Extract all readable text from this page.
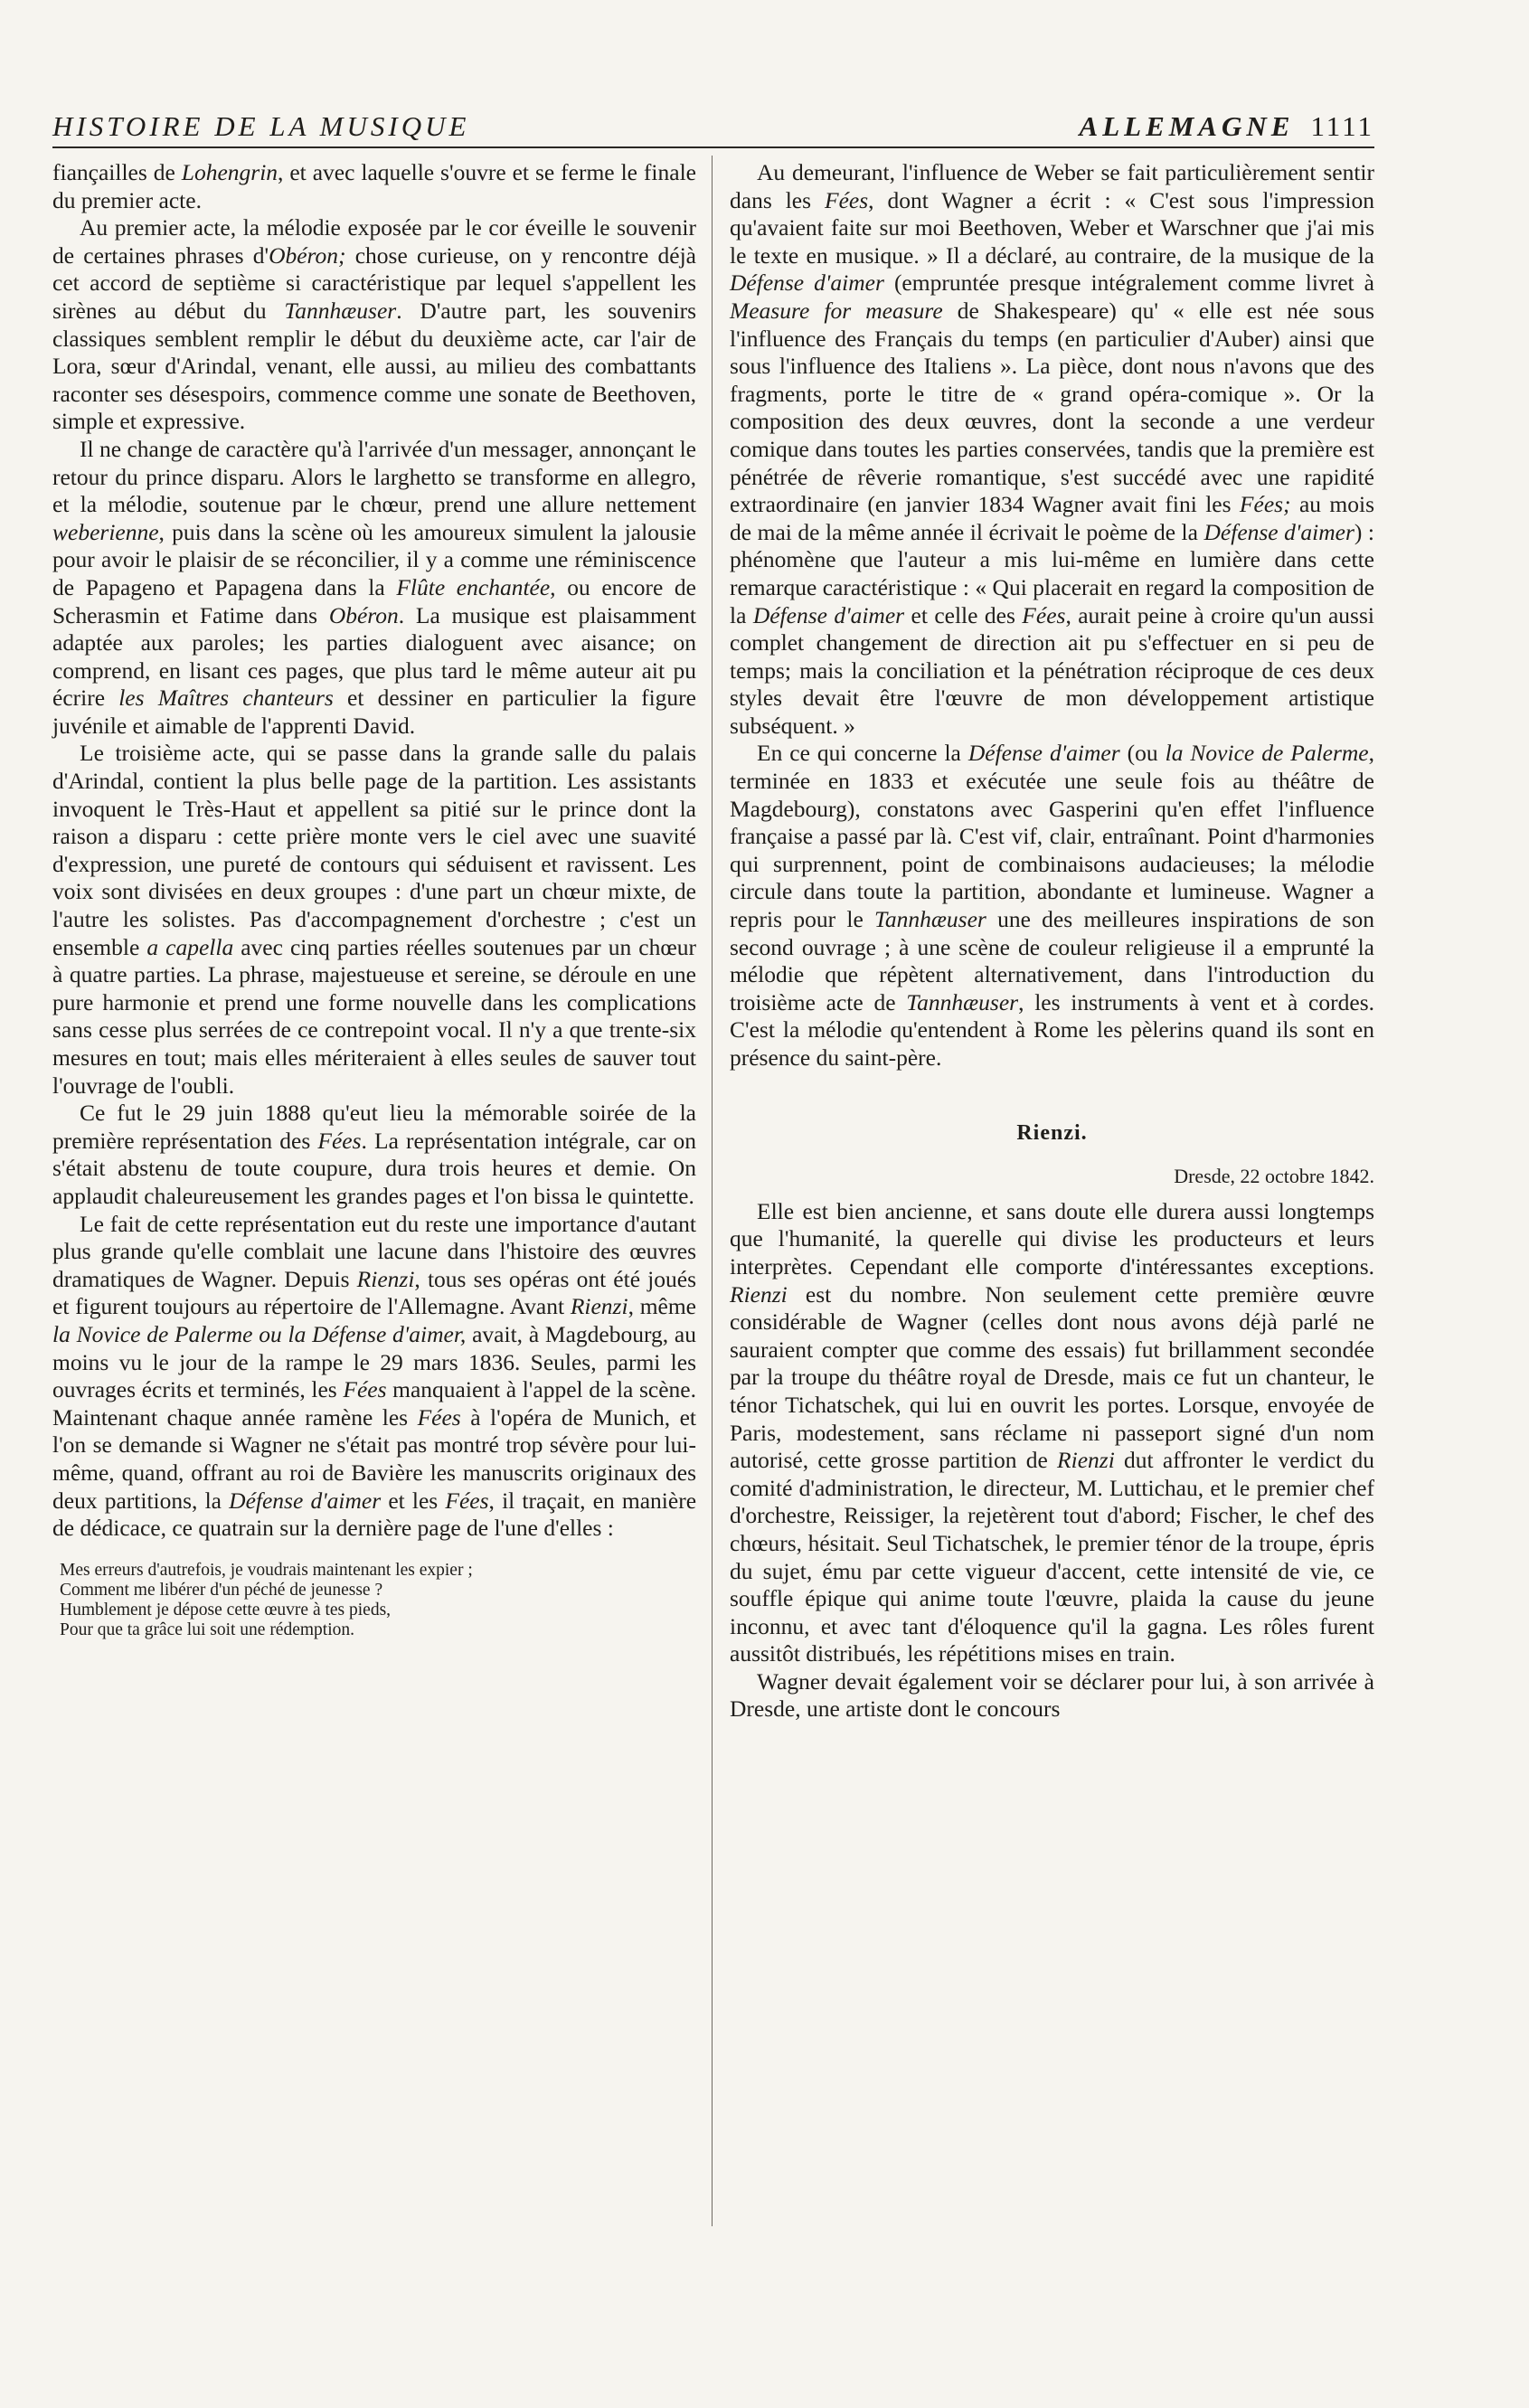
HISTOIRE DE LA MUSIQUE	ALLEMAGNE 1111

fiançailles de Lohengrin, et avec laquelle s'ouvre et se ferme le finale du premier acte.

Au premier acte, la mélodie exposée par le cor éveille le souvenir de certaines phrases d'Obéron; chose curieuse, on y rencontre déjà cet accord de septième si caractéristique par lequel s'appellent les sirènes au début du Tannhæuser. D'autre part, les souvenirs classiques semblent remplir le début du deuxième acte, car l'air de Lora, sœur d'Arindal, venant, elle aussi, au milieu des combattants raconter ses désespoirs, commence comme une sonate de Beethoven, simple et expressive.

Il ne change de caractère qu'à l'arrivée d'un messager, annonçant le retour du prince disparu. Alors le larghetto se transforme en allegro, et la mélodie, soutenue par le chœur, prend une allure nettement weberienne, puis dans la scène où les amoureux simulent la jalousie pour avoir le plaisir de se réconcilier, il y a comme une réminiscence de Papageno et Papagena dans la Flûte enchantée, ou encore de Scherasmin et Fatime dans Obéron. La musique est plaisamment adaptée aux paroles; les parties dialoguent avec aisance; on comprend, en lisant ces pages, que plus tard le même auteur ait pu écrire les Maîtres chanteurs et dessiner en particulier la figure juvénile et aimable de l'apprenti David.

Le troisième acte, qui se passe dans la grande salle du palais d'Arindal, contient la plus belle page de la partition. Les assistants invoquent le Très-Haut et appellent sa pitié sur le prince dont la raison a disparu : cette prière monte vers le ciel avec une suavité d'expression, une pureté de contours qui séduisent et ravissent. Les voix sont divisées en deux groupes : d'une part un chœur mixte, de l'autre les solistes. Pas d'accompagnement d'orchestre ; c'est un ensemble a capella avec cinq parties réelles soutenues par un chœur à quatre parties. La phrase, majestueuse et sereine, se déroule en une pure harmonie et prend une forme nouvelle dans les complications sans cesse plus serrées de ce contrepoint vocal. Il n'y a que trente-six mesures en tout; mais elles mériteraient à elles seules de sauver tout l'ouvrage de l'oubli.

Ce fut le 29 juin 1888 qu'eut lieu la mémorable soirée de la première représentation des Fées. La représentation intégrale, car on s'était abstenu de toute coupure, dura trois heures et demie. On applaudit chaleureusement les grandes pages et l'on bissa le quintette.

Le fait de cette représentation eut du reste une importance d'autant plus grande qu'elle comblait une lacune dans l'histoire des œuvres dramatiques de Wagner. Depuis Rienzi, tous ses opéras ont été joués et figurent toujours au répertoire de l'Allemagne. Avant Rienzi, même la Novice de Palerme ou la Défense d'aimer, avait, à Magdebourg, au moins vu le jour de la rampe le 29 mars 1836. Seules, parmi les ouvrages écrits et terminés, les Fées manquaient à l'appel de la scène. Maintenant chaque année ramène les Fées à l'opéra de Munich, et l'on se demande si Wagner ne s'était pas montré trop sévère pour lui-même, quand, offrant au roi de Bavière les manuscrits originaux des deux partitions, la Défense d'aimer et les Fées, il traçait, en manière de dédicace, ce quatrain sur la dernière page de l'une d'elles :

Mes erreurs d'autrefois, je voudrais maintenant les expier ;
Comment me libérer d'un péché de jeunesse ?
Humblement je dépose cette œuvre à tes pieds,
Pour que ta grâce lui soit une rédemption.

Au demeurant, l'influence de Weber se fait particulièrement sentir dans les Fées, dont Wagner a écrit : « C'est sous l'impression qu'avaient faite sur moi Beethoven, Weber et Warschner que j'ai mis le texte en musique. » Il a déclaré, au contraire, de la musique de la Défense d'aimer (empruntée presque intégralement comme livret à Measure for measure de Shakespeare) qu' « elle est née sous l'influence des Français du temps (en particulier d'Auber) ainsi que sous l'influence des Italiens ». La pièce, dont nous n'avons que des fragments, porte le titre de « grand opéra-comique ». Or la composition des deux œuvres, dont la seconde a une verdeur comique dans toutes les parties conservées, tandis que la première est pénétrée de rêverie romantique, s'est succédé avec une rapidité extraordinaire (en janvier 1834 Wagner avait fini les Fées; au mois de mai de la même année il écrivait le poème de la Défense d'aimer) : phénomène que l'auteur a mis lui-même en lumière dans cette remarque caractéristique : « Qui placerait en regard la composition de la Défense d'aimer et celle des Fées, aurait peine à croire qu'un aussi complet changement de direction ait pu s'effectuer en si peu de temps; mais la conciliation et la pénétration réciproque de ces deux styles devait être l'œuvre de mon développement artistique subséquent. »

En ce qui concerne la Défense d'aimer (ou la Novice de Palerme, terminée en 1833 et exécutée une seule fois au théâtre de Magdebourg), constatons avec Gasperini qu'en effet l'influence française a passé par là. C'est vif, clair, entraînant. Point d'harmonies qui surprennent, point de combinaisons audacieuses; la mélodie circule dans toute la partition, abondante et lumineuse. Wagner a repris pour le Tannhæuser une des meilleures inspirations de son second ouvrage ; à une scène de couleur religieuse il a emprunté la mélodie que répètent alternativement, dans l'introduction du troisième acte de Tannhæuser, les instruments à vent et à cordes. C'est la mélodie qu'entendent à Rome les pèlerins quand ils sont en présence du saint-père.

Rienzi.
Dresde, 22 octobre 1842.

Elle est bien ancienne, et sans doute elle durera aussi longtemps que l'humanité, la querelle qui divise les producteurs et leurs interprètes. Cependant elle comporte d'intéressantes exceptions. Rienzi est du nombre. Non seulement cette première œuvre considérable de Wagner (celles dont nous avons déjà parlé ne sauraient compter que comme des essais) fut brillamment secondée par la troupe du théâtre royal de Dresde, mais ce fut un chanteur, le ténor Tichatschek, qui lui en ouvrit les portes. Lorsque, envoyée de Paris, modestement, sans réclame ni passeport signé d'un nom autorisé, cette grosse partition de Rienzi dut affronter le verdict du comité d'administration, le directeur, M. Luttichau, et le premier chef d'orchestre, Reissiger, la rejetèrent tout d'abord; Fischer, le chef des chœurs, hésitait. Seul Tichatschek, le premier ténor de la troupe, épris du sujet, ému par cette vigueur d'accent, cette intensité de vie, ce souffle épique qui anime toute l'œuvre, plaida la cause du jeune inconnu, et avec tant d'éloquence qu'il la gagna. Les rôles furent aussitôt distribués, les répétitions mises en train.

Wagner devait également voir se déclarer pour lui, à son arrivée à Dresde, une artiste dont le concours
